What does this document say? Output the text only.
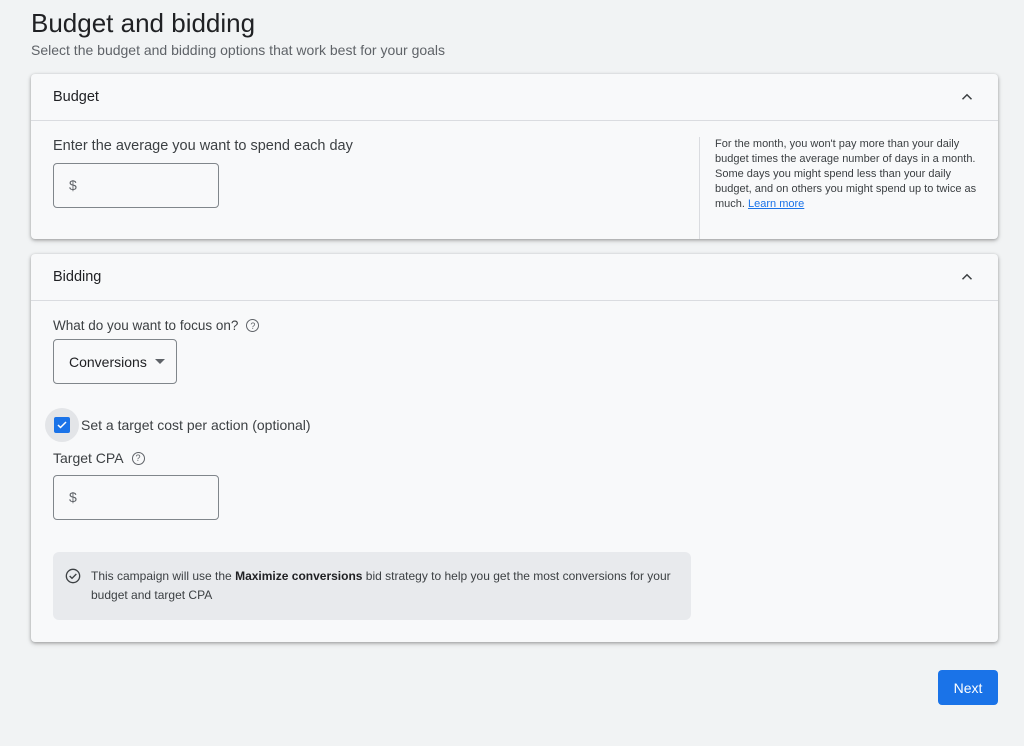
Budget and bidding
Select the budget and bidding options that work best for your goals
Budget
Enter the average you want to spend each day
$
For the month, you won't pay more than your daily budget times the average number of days in a month. Some days you might spend less than your daily budget, and on others you might spend up to twice as much. Learn more
Bidding
What do you want to focus on?	?
Conversions
Set a target cost per action (optional)
Target CPA	?
$
This campaign will use the Maximize conversions bid strategy to help you get the most conversions for your budget and target CPA
Next
